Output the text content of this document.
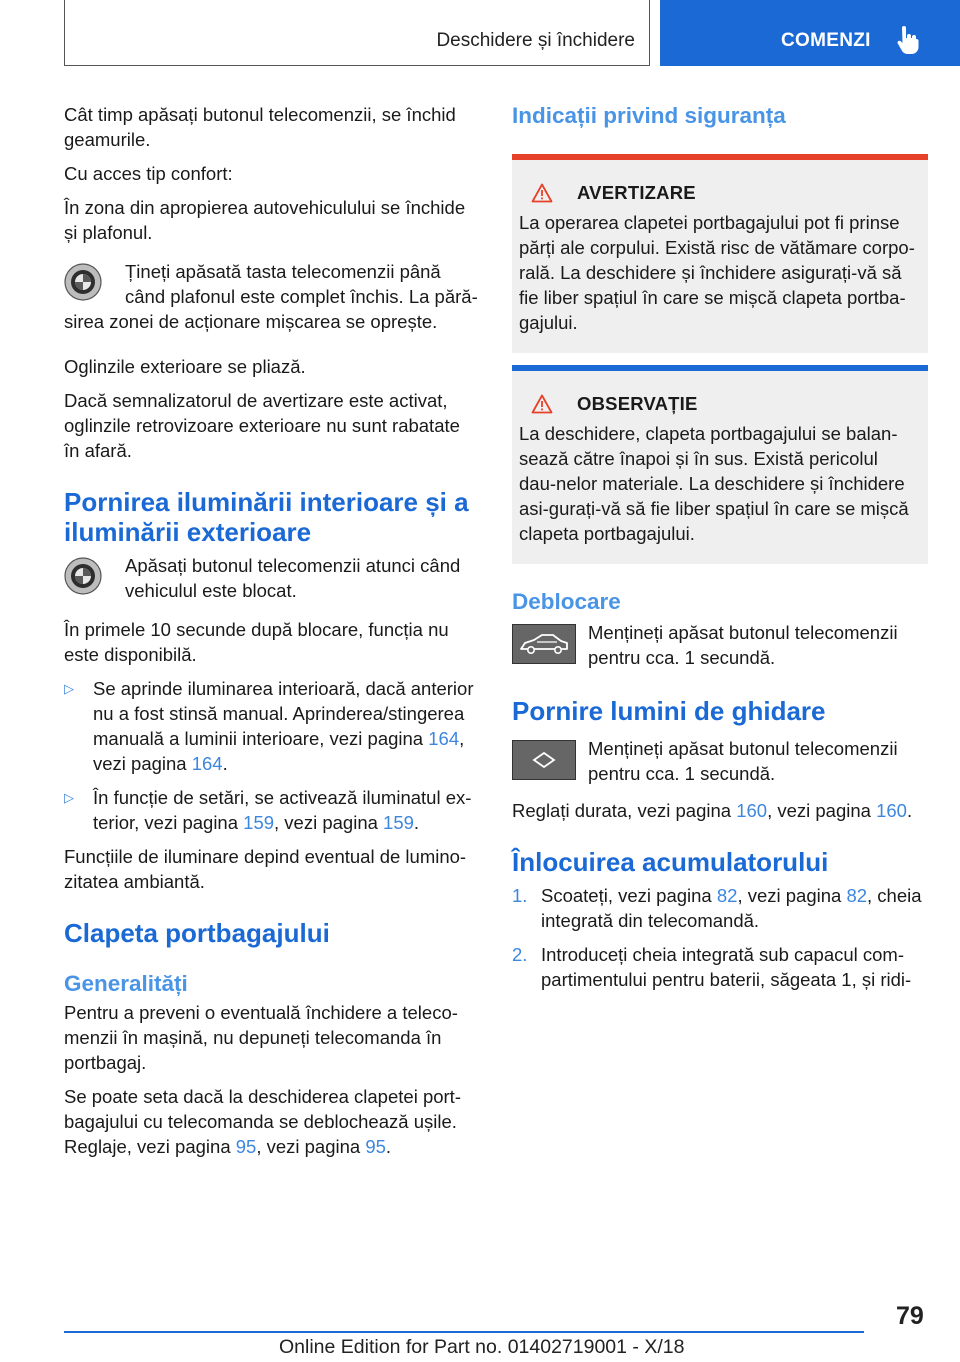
Deschidere și închidere	COMENZI

Cât timp apăsați butonul telecomenzii, se închid geamurile.

Cu acces tip confort:

În zona din apropierea autovehiculului se închide și plafonul.

Țineți apăsată tasta telecomenzii până când plafonul este complet închis. La pără-sirea zonei de acționare mișcarea se oprește.

Oglinzile exterioare se pliază.

Dacă semnalizatorul de avertizare este activat, oglinzile retrovizoare exterioare nu sunt rabatate în afară.

Pornirea iluminării interioare și a iluminării exterioare

Apăsați butonul telecomenzii atunci când vehiculul este blocat.

În primele 10 secunde după blocare, funcția nu este disponibilă.

▷ Se aprinde iluminarea interioară, dacă anterior nu a fost stinsă manual. Aprinderea/stingerea manuală a luminii interioare, vezi pagina 164, vezi pagina 164.
▷ În funcție de setări, se activează iluminatul ex-terior, vezi pagina 159, vezi pagina 159.

Funcțiile de iluminare depind eventual de lumino-zitatea ambiantă.

Clapeta portbagajului
Generalități

Pentru a preveni o eventuală închidere a teleco-menzii în mașină, nu depuneți telecomanda în portbagaj.

Se poate seta dacă la deschiderea clapetei port-bagajului cu telecomanda se deblochează ușile. Reglaje, vezi pagina 95, vezi pagina 95.

Indicații privind siguranța
AVERTIZARE

La operarea clapetei portbagajului pot fi prinse părți ale corpului. Există risc de vătămare corpo-rală. La deschidere și închidere asigurați-vă să fie liber spațiul în care se mișcă clapeta portba-gajului.

OBSERVAȚIE

La deschidere, clapeta portbagajului se balan-sează către înapoi și în sus. Există pericolul dau-nelor materiale. La deschidere și închidere asi-gurați-vă să fie liber spațiul în care se mișcă clapeta portbagajului.

Deblocare

Mențineți apăsat butonul telecomenzii pentru cca. 1 secundă.

Pornire lumini de ghidare

Mențineți apăsat butonul telecomenzii pentru cca. 1 secundă.

Reglați durata, vezi pagina 160, vezi pagina 160.

Înlocuirea acumulatorului
1. Scoateți, vezi pagina 82, vezi pagina 82, cheia integrată din telecomandă.
2. Introduceți cheia integrată sub capacul com-partimentului pentru baterii, săgeata 1, și ridi-
79
Online Edition for Part no. 01402719001 - X/18
